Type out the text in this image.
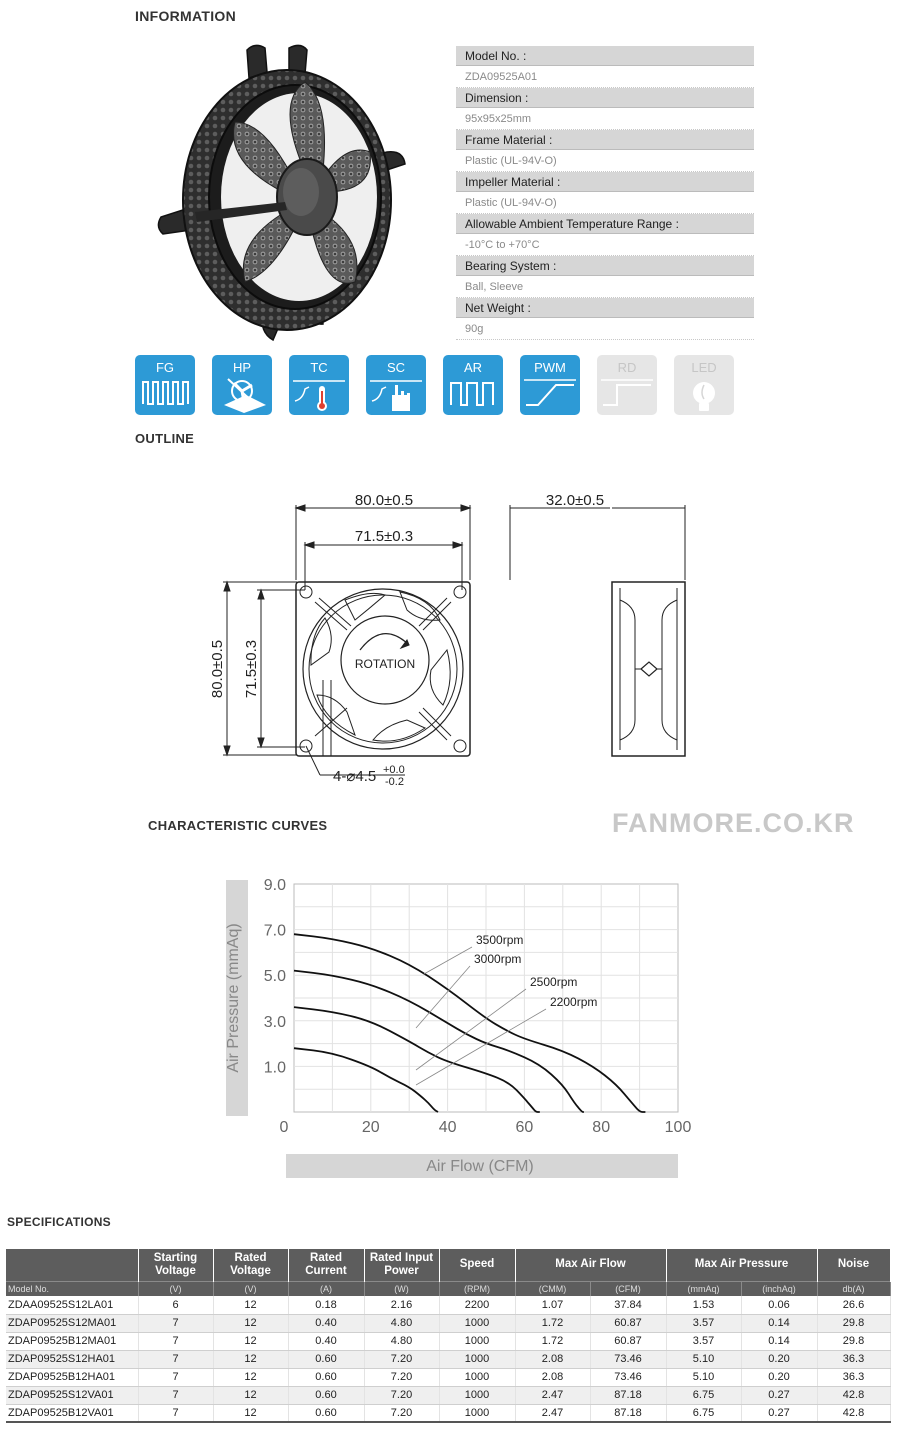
INFORMATION
Model No. :
ZDA09525A01
Dimension :
95x95x25mm
Frame Material :
Plastic (UL-94V-O)
Impeller Material :
Plastic (UL-94V-O)
Allowable Ambient Temperature Range :
-10°C to +70°C
Bearing System :
Ball, Sleeve
Net Weight :
90g
FG	HP	TC	SC	AR	PWM	RD	LED
OUTLINE
80.0±0.5
71.5±0.3
32.0±0.5
80.0±0.5 71.5±0.3	ROTATION
4-⌀4.5 +0.0
-0.2
CHARACTERISTIC CURVES	FANMORE.CO.KR
0	20	40	60	80	100
1.0
3.0
5.0
7.0
9.0
3500rpm
3000rpm
2500rpm
2200rpm
Air Pressure (mmAq)
Air Flow (CFM)
SPECIFICATIONS
	Starting Voltage	Rated Voltage	Rated Current	Rated Input Power	Speed	Max Air Flow		Max Air Pressure		Noise
Model No.	(V)	(V)	(A)	(W)	(RPM)	(CMM)	(CFM)	(mmAq)	(inchAq)	db(A)
ZDAA09525S12LA01	6	12	0.18	2.16	2200	1.07	37.84	1.53	0.06	26.6
ZDAP09525S12MA01	7	12	0.40	4.80	1000	1.72	60.87	3.57	0.14	29.8
ZDAP09525B12MA01	7	12	0.40	4.80	1000	1.72	60.87	3.57	0.14	29.8
ZDAP09525S12HA01	7	12	0.60	7.20	1000	2.08	73.46	5.10	0.20	36.3
ZDAP09525B12HA01	7	12	0.60	7.20	1000	2.08	73.46	5.10	0.20	36.3
ZDAP09525S12VA01	7	12	0.60	7.20	1000	2.47	87.18	6.75	0.27	42.8
ZDAP09525B12VA01	7	12	0.60	7.20	1000	2.47	87.18	6.75	0.27	42.8
